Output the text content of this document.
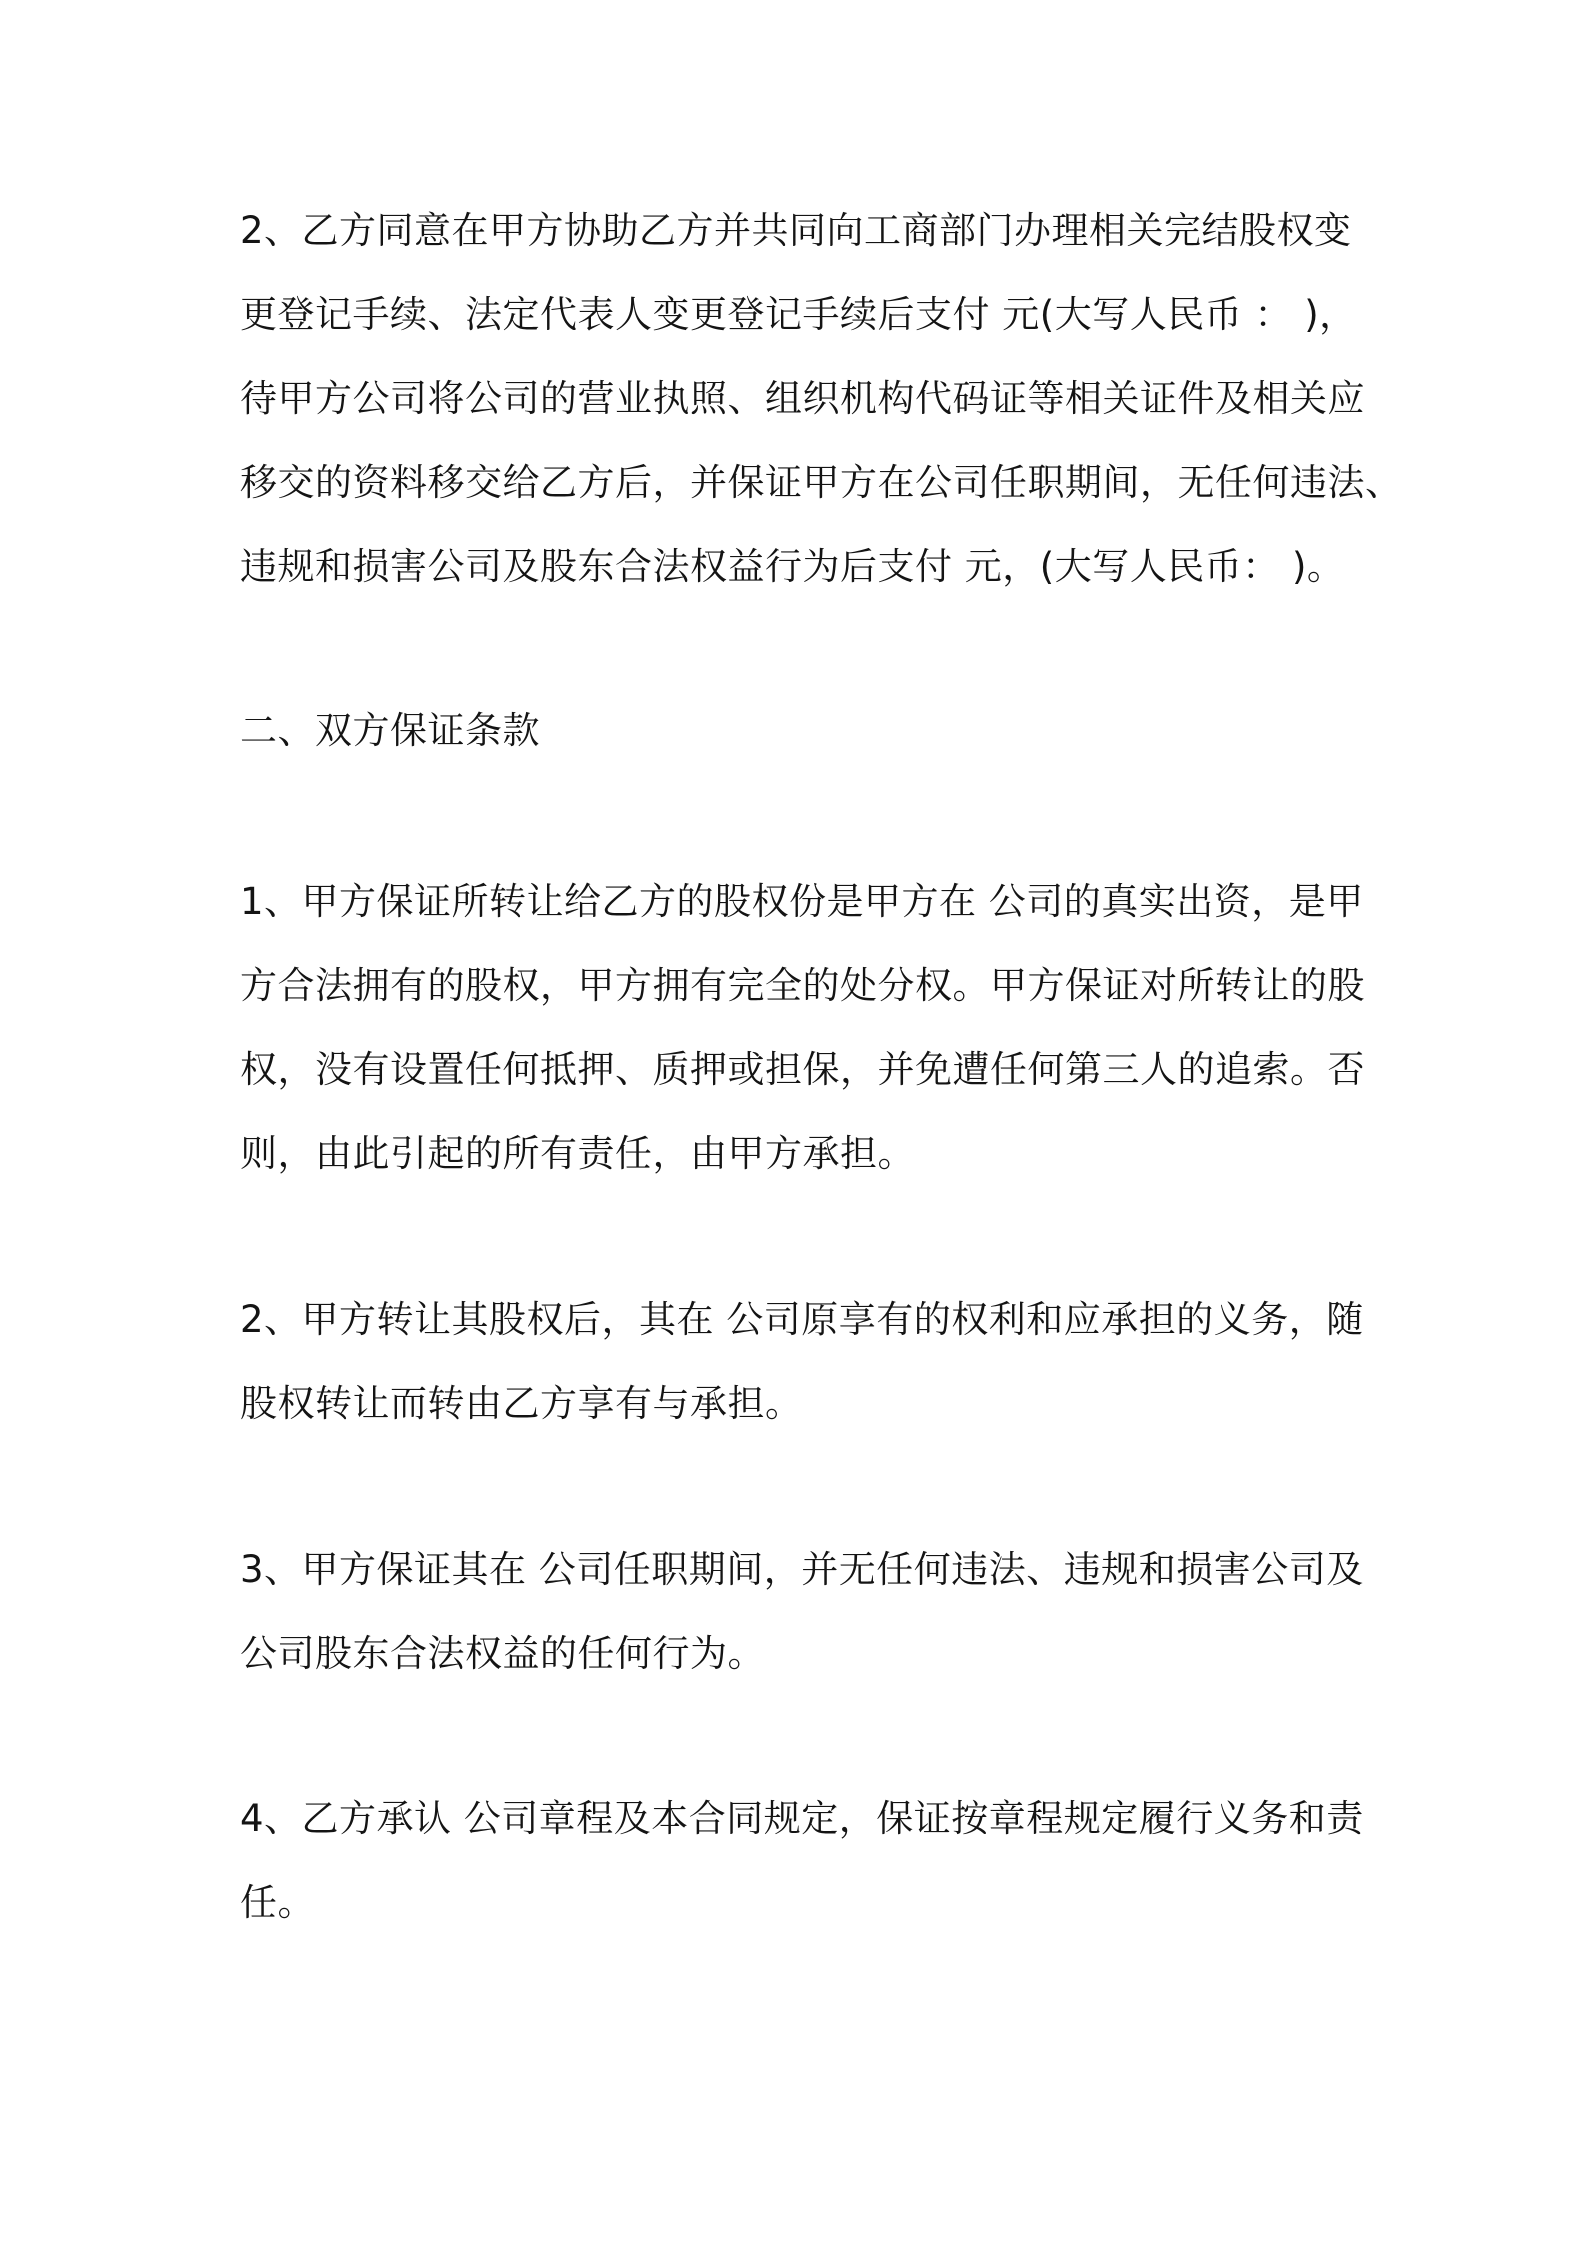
2、乙方同意在甲方协助乙方并共同向工商部门办理相关完结股权变
更登记手续、法定代表人变更登记手续后支付 元(大写人民币 ： )，
待甲方公司将公司的营业执照、组织机构代码证等相关证件及相关应
移交的资料移交给乙方后，并保证甲方在公司任职期间，无任何违法、
违规和损害公司及股东合法权益行为后支付 元，(大写人民币： )。
二、双方保证条款
1、甲方保证所转让给乙方的股权份是甲方在 公司的真实出资，是甲
方合法拥有的股权，甲方拥有完全的处分权。甲方保证对所转让的股
权，没有设置任何抵押、质押或担保，并免遭任何第三人的追索。否
则，由此引起的所有责任，由甲方承担。
2、甲方转让其股权后，其在 公司原享有的权利和应承担的义务，随
股权转让而转由乙方享有与承担。
3、甲方保证其在 公司任职期间，并无任何违法、违规和损害公司及
公司股东合法权益的任何行为。
4、乙方承认 公司章程及本合同规定，保证按章程规定履行义务和责
任。
